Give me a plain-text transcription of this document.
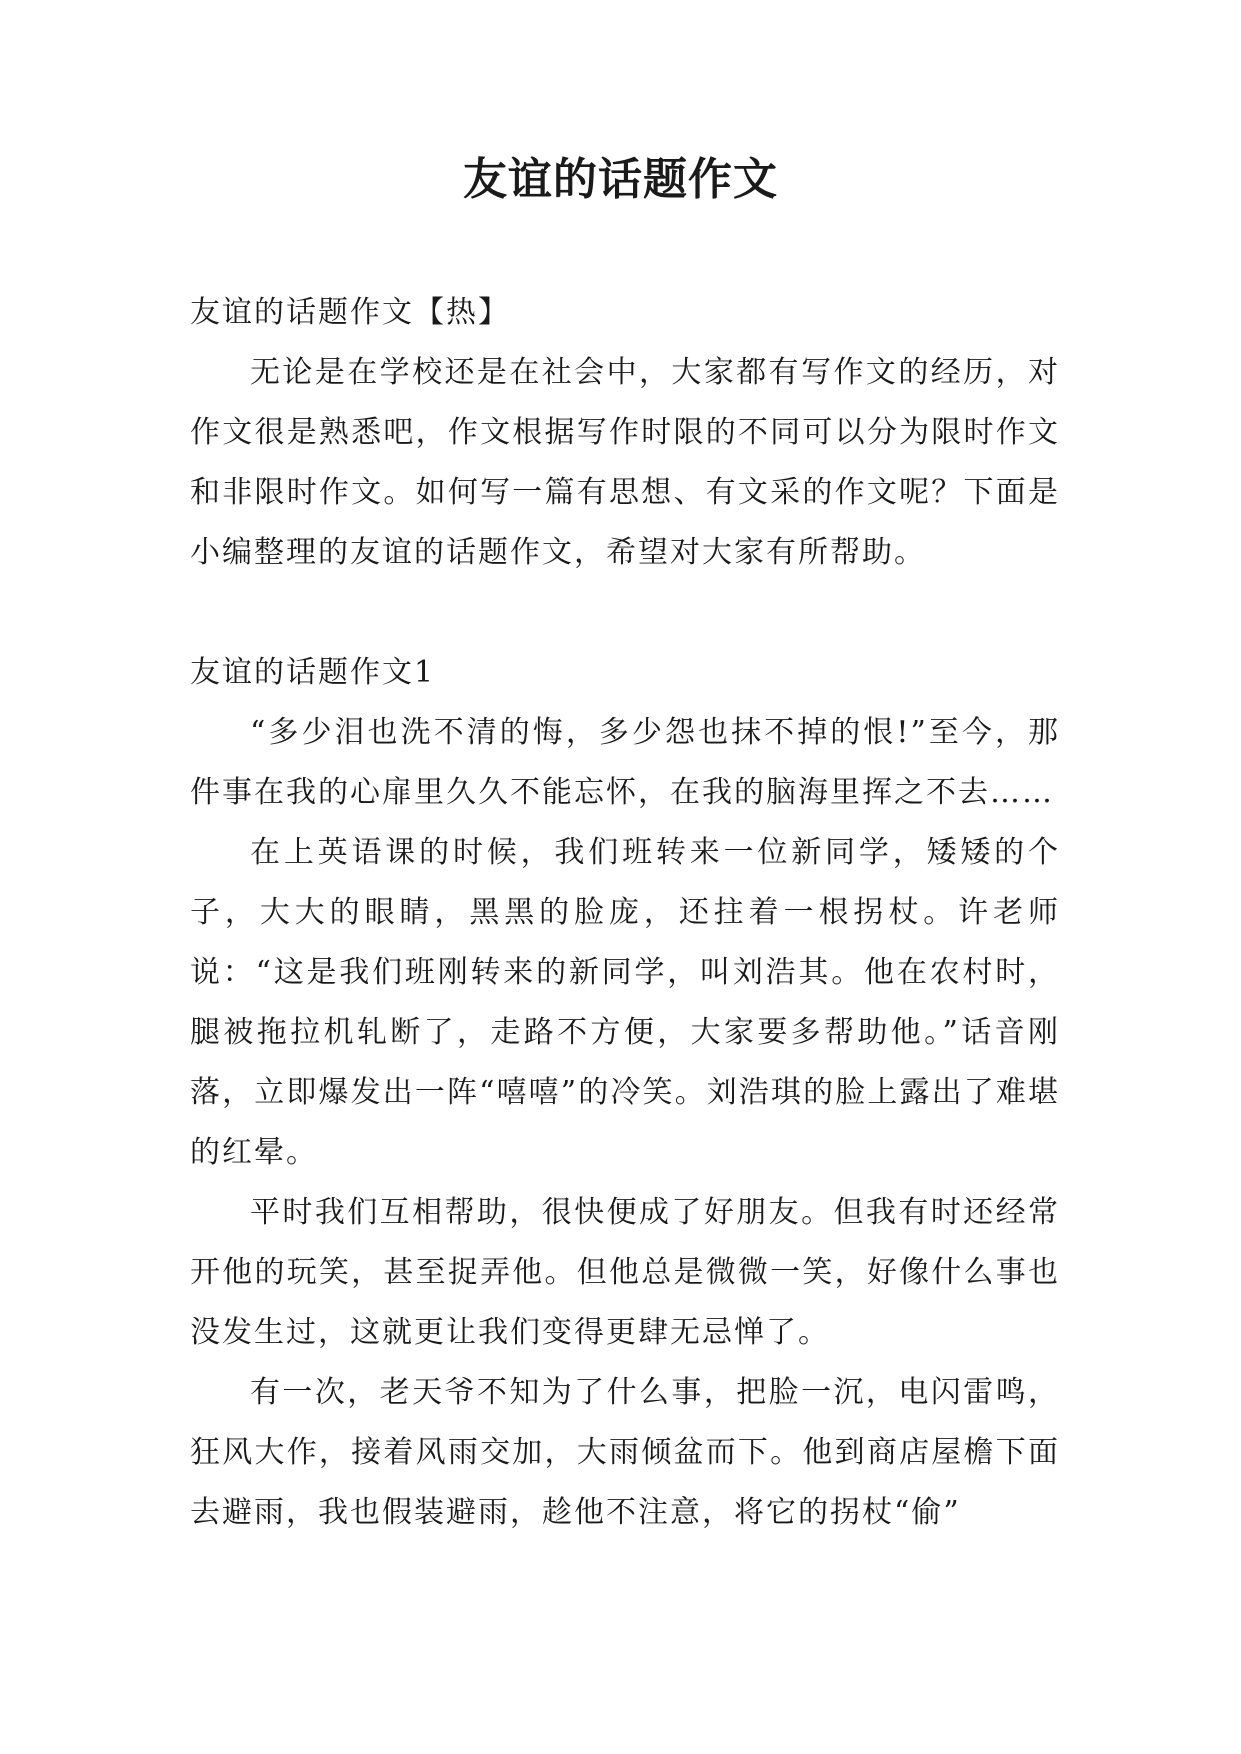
友谊的话题作文

友谊的话题作文【热】

无论是在学校还是在社会中，大家都有写作文的经历，对作文很是熟悉吧，作文根据写作时限的不同可以分为限时作文和非限时作文。如何写一篇有思想、有文采的作文呢？下面是小编整理的友谊的话题作文，希望对大家有所帮助。

友谊的话题作文1

“多少泪也洗不清的悔，多少怨也抹不掉的恨!”至今，那件事在我的心扉里久久不能忘怀，在我的脑海里挥之不去……

在上英语课的时候，我们班转来一位新同学，矮矮的个子，大大的眼睛，黑黑的脸庞，还拄着一根拐杖。许老师说：“这是我们班刚转来的新同学，叫刘浩其。他在农村时，腿被拖拉机轧断了，走路不方便，大家要多帮助他。”话音刚落，立即爆发出一阵“嘻嘻”的冷笑。刘浩琪的脸上露出了难堪的红晕。

平时我们互相帮助，很快便成了好朋友。但我有时还经常开他的玩笑，甚至捉弄他。但他总是微微一笑，好像什么事也没发生过，这就更让我们变得更肆无忌惮了。

有一次，老天爷不知为了什么事，把脸一沉，电闪雷鸣，狂风大作，接着风雨交加，大雨倾盆而下。他到商店屋檐下面去避雨，我也假装避雨，趁他不注意，将它的拐杖“偷”
